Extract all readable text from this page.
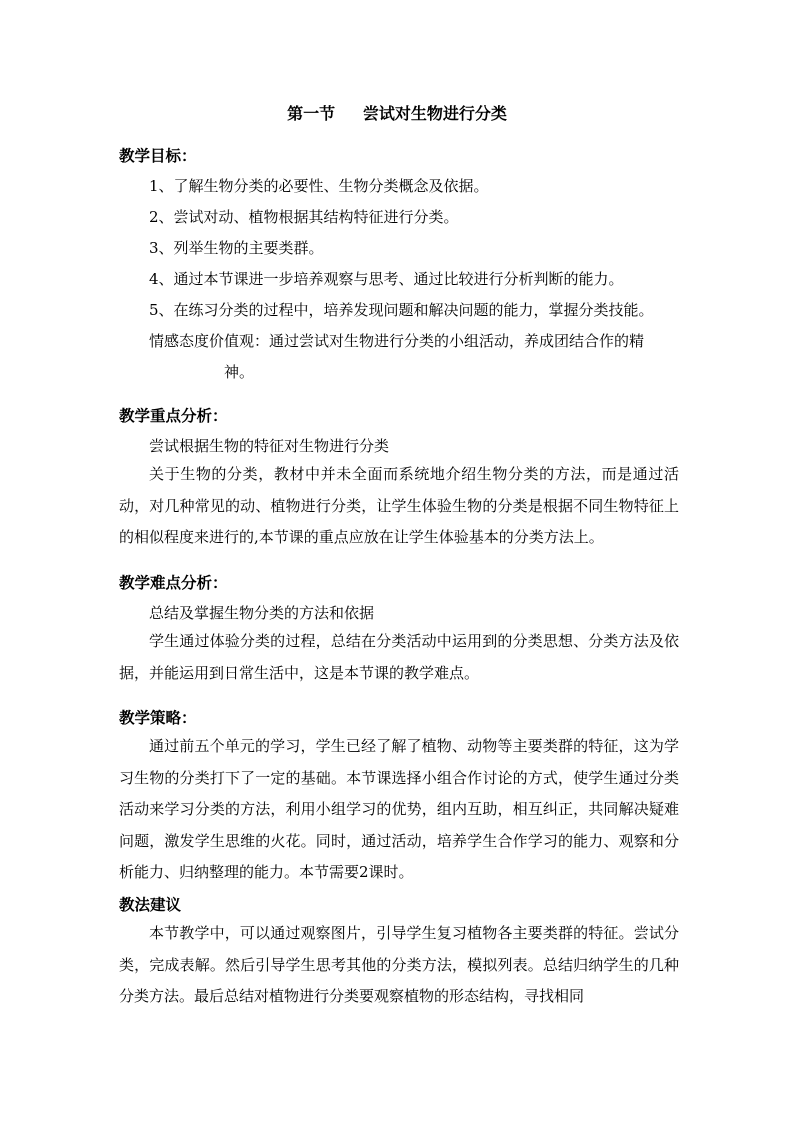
第一节     尝试对生物进行分类
教学目标：
1、了解生物分类的必要性、生物分类概念及依据。
2、尝试对动、植物根据其结构特征进行分类。
3、列举生物的主要类群。
4、通过本节课进一步培养观察与思考、通过比较进行分析判断的能力。
5、在练习分类的过程中，培养发现问题和解决问题的能力，掌握分类技能。
情感态度价值观：通过尝试对生物进行分类的小组活动，养成团结合作的精
神。
教学重点分析：
尝试根据生物的特征对生物进行分类
关于生物的分类，教材中并未全面而系统地介绍生物分类的方法，而是通过活动，对几种常见的动、植物进行分类，让学生体验生物的分类是根据不同生物特征上的相似程度来进行的,本节课的重点应放在让学生体验基本的分类方法上。
教学难点分析：
总结及掌握生物分类的方法和依据
学生通过体验分类的过程，总结在分类活动中运用到的分类思想、分类方法及依据，并能运用到日常生活中，这是本节课的教学难点。
教学策略：
通过前五个单元的学习，学生已经了解了植物、动物等主要类群的特征，这为学习生物的分类打下了一定的基础。本节课选择小组合作讨论的方式，使学生通过分类活动来学习分类的方法，利用小组学习的优势，组内互助，相互纠正，共同解决疑难问题，激发学生思维的火花。同时，通过活动，培养学生合作学习的能力、观察和分析能力、归纳整理的能力。本节需要2课时。
教法建议
本节教学中，可以通过观察图片，引导学生复习植物各主要类群的特征。尝试分类，完成表解。然后引导学生思考其他的分类方法，模拟列表。总结归纳学生的几种分类方法。最后总结对植物进行分类要观察植物的形态结构，寻找相同
